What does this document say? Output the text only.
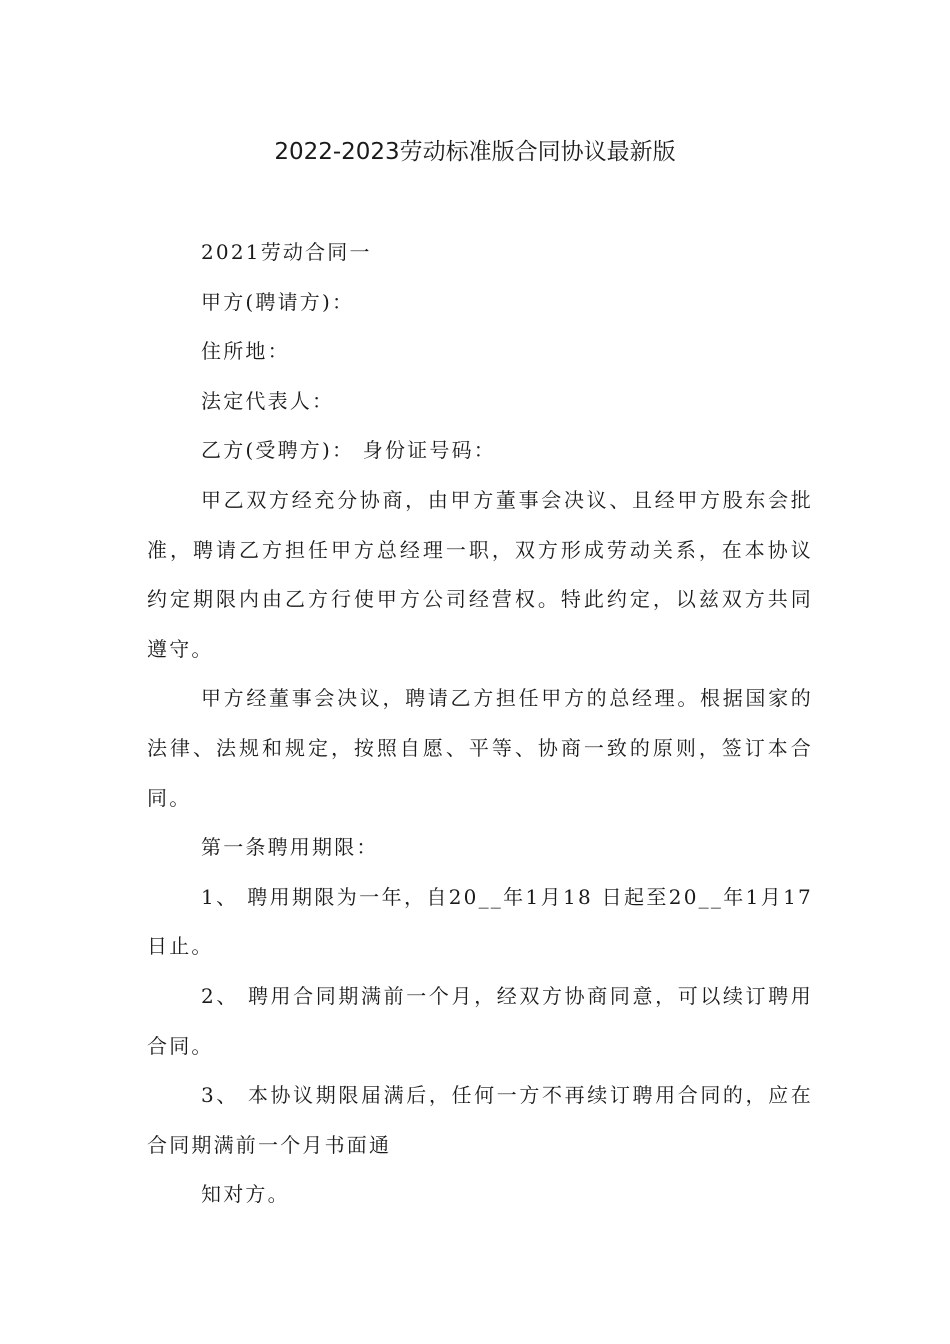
2022-2023劳动标准版合同协议最新版
2021劳动合同一
甲方(聘请方)：
住所地：
法定代表人：
乙方(受聘方)： 身份证号码：
甲乙双方经充分协商，由甲方董事会决议、且经甲方股东会批
准，聘请乙方担任甲方总经理一职，双方形成劳动关系，在本协议
约定期限内由乙方行使甲方公司经营权。特此约定，以兹双方共同
遵守。
甲方经董事会决议，聘请乙方担任甲方的总经理。根据国家的
法律、法规和规定，按照自愿、平等、协商一致的原则，签订本合
同。
第一条聘用期限：
1、 聘用期限为一年，自20__年1月18 日起至20__年1月17
日止。
2、 聘用合同期满前一个月，经双方协商同意，可以续订聘用
合同。
3、 本协议期限届满后，任何一方不再续订聘用合同的，应在
合同期满前一个月书面通
知对方。
